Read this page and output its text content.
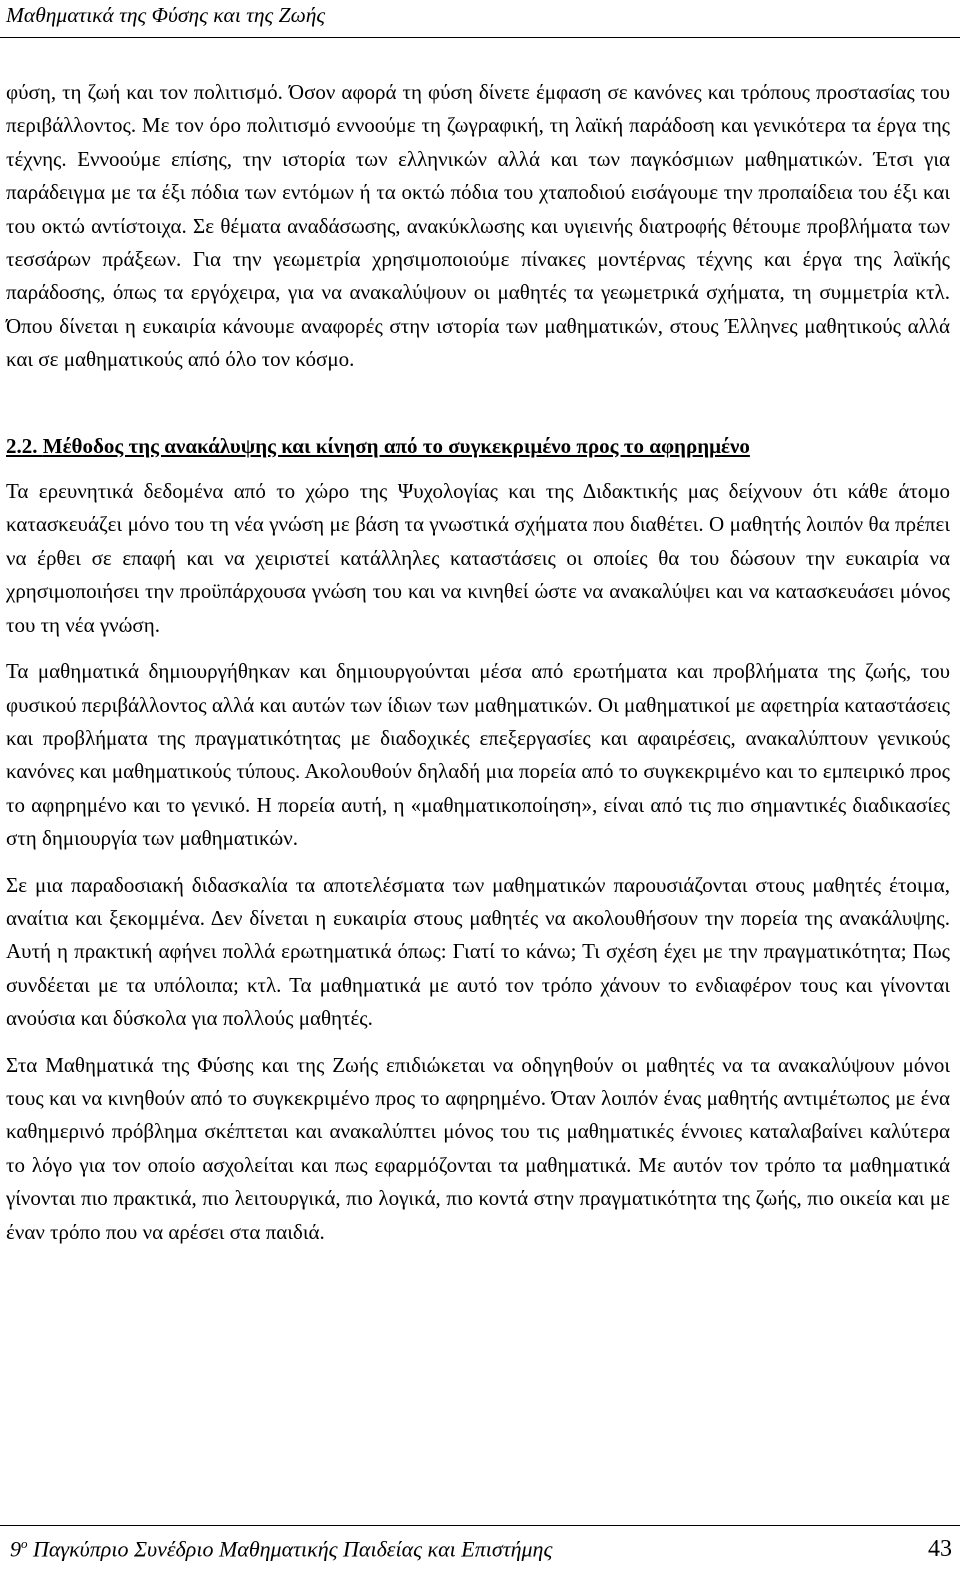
Μαθηματικά της Φύσης και της Ζωής

φύση, τη ζωή και τον πολιτισμό. Όσον αφορά τη φύση δίνετε έμφαση σε κανόνες και τρόπους προστασίας του περιβάλλοντος. Με τον όρο πολιτισμό εννοούμε τη ζωγραφική, τη λαϊκή παράδοση και γενικότερα τα έργα της τέχνης. Εννοούμε επίσης, την ιστορία των ελληνικών αλλά και των παγκόσμιων μαθηματικών. Έτσι για παράδειγμα με τα έξι πόδια των εντόμων ή τα οκτώ πόδια του χταποδιού εισάγουμε την προπαίδεια του έξι και του οκτώ αντίστοιχα. Σε θέματα αναδάσωσης, ανακύκλωσης και υγιεινής διατροφής θέτουμε προβλήματα των τεσσάρων πράξεων. Για την γεωμετρία χρησιμοποιούμε πίνακες μοντέρνας τέχνης και έργα της λαϊκής παράδοσης, όπως τα εργόχειρα, για να ανακαλύψουν οι μαθητές τα γεωμετρικά σχήματα, τη συμμετρία κτλ. Όπου δίνεται η ευκαιρία κάνουμε αναφορές στην ιστορία των μαθηματικών, στους Έλληνες μαθητικούς αλλά και σε μαθηματικούς από όλο τον κόσμο.

2.2. Μέθοδος της ανακάλυψης και κίνηση από το συγκεκριμένο προς το αφηρημένο

Τα ερευνητικά δεδομένα από το χώρο της Ψυχολογίας και της Διδακτικής μας δείχνουν ότι κάθε άτομο κατασκευάζει μόνο του τη νέα γνώση με βάση τα γνωστικά σχήματα που διαθέτει. Ο μαθητής λοιπόν θα πρέπει να έρθει σε επαφή και να χειριστεί κατάλληλες καταστάσεις οι οποίες θα του δώσουν την ευκαιρία να χρησιμοποιήσει την προϋπάρχουσα γνώση του και να κινηθεί ώστε να ανακαλύψει και να κατασκευάσει μόνος του τη νέα γνώση.

Τα μαθηματικά δημιουργήθηκαν και δημιουργούνται μέσα από ερωτήματα και προβλήματα της ζωής, του φυσικού περιβάλλοντος αλλά και αυτών των ίδιων των μαθηματικών. Οι μαθηματικοί με αφετηρία καταστάσεις και προβλήματα της πραγματικότητας με διαδοχικές επεξεργασίες και αφαιρέσεις, ανακαλύπτουν γενικούς κανόνες και μαθηματικούς τύπους. Ακολουθούν δηλαδή μια πορεία από το συγκεκριμένο και το εμπειρικό προς το αφηρημένο και το γενικό. Η πορεία αυτή, η «μαθηματικοποίηση», είναι από τις πιο σημαντικές διαδικασίες στη δημιουργία των μαθηματικών.

Σε μια παραδοσιακή διδασκαλία τα αποτελέσματα των μαθηματικών παρουσιάζονται στους μαθητές έτοιμα, αναίτια και ξεκομμένα. Δεν δίνεται η ευκαιρία στους μαθητές να ακολουθήσουν την πορεία της ανακάλυψης. Αυτή η πρακτική αφήνει πολλά ερωτηματικά όπως: Γιατί το κάνω; Τι σχέση έχει με την πραγματικότητα; Πως συνδέεται με τα υπόλοιπα; κτλ. Τα μαθηματικά με αυτό τον τρόπο χάνουν το ενδιαφέρον τους και γίνονται ανούσια και δύσκολα για πολλούς μαθητές.

Στα Μαθηματικά της Φύσης και της Ζωής επιδιώκεται να οδηγηθούν οι μαθητές να τα ανακαλύψουν μόνοι τους και να κινηθούν από το συγκεκριμένο προς το αφηρημένο. Όταν λοιπόν ένας μαθητής αντιμέτωπος με ένα καθημερινό πρόβλημα σκέπτεται και ανακαλύπτει μόνος του τις μαθηματικές έννοιες καταλαβαίνει καλύτερα το λόγο για τον οποίο ασχολείται και πως εφαρμόζονται τα μαθηματικά. Με αυτόν τον τρόπο τα μαθηματικά γίνονται πιο πρακτικά, πιο λειτουργικά, πιο λογικά, πιο κοντά στην πραγματικότητα της ζωής, πιο οικεία και με έναν τρόπο που να αρέσει στα παιδιά.

$9^o$ Παγκύπριο Συνέδριο Μαθηματικής Παιδείας και Επιστήμης	43
